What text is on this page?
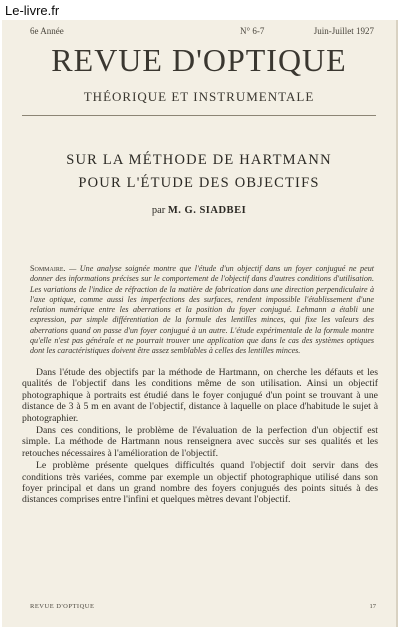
Le-livre.fr
6e Année	N° 6-7	Juin-Juillet 1927
REVUE D'OPTIQUE
THÉORIQUE ET INSTRUMENTALE
SUR LA MÉTHODE DE HARTMANN
POUR L'ÉTUDE DES OBJECTIFS
par M. G. SIADBEI
Sommaire. — Une analyse soignée montre que l'étude d'un objectif dans un foyer conjugué ne peut donner des informations précises sur le comportement de l'objectif dans d'autres conditions d'utilisation. Les variations de l'indice de réfraction de la matière de fabrication dans une direction perpendiculaire à l'axe optique, comme aussi les imperfections des surfaces, rendent impossible l'établissement d'une relation numérique entre les aberrations et la position du foyer conjugué. Lehmann a établi une expression, par simple différentiation de la formule des lentilles minces, qui fixe les valeurs des aberrations quand on passe d'un foyer conjugué à un autre. L'étude expérimentale de la formule montre qu'elle n'est pas générale et ne pourrait trouver une application que dans le cas des systèmes optiques dont les caractéristiques doivent être assez semblables à celles des lentilles minces.

Dans l'étude des objectifs par la méthode de Hartmann, on cherche les défauts et les qualités de l'objectif dans les conditions même de son utilisation. Ainsi un objectif photographique à portraits est étudié dans le foyer conjugué d'un point se trouvant à une distance de 3 à 5 m en avant de l'objectif, distance à laquelle on place d'habitude le sujet à photographier.

Dans ces conditions, le problème de l'évaluation de la perfection d'un objectif est simple. La méthode de Hartmann nous renseignera avec succès sur ses qualités et les retouches nécessaires à l'amélioration de l'objectif.

Le problème présente quelques difficultés quand l'objectif doit servir dans des conditions très variées, comme par exemple un objectif photographique utilisé dans son foyer principal et dans un grand nombre des foyers conjugués des points situés à des distances comprises entre l'infini et quelques mètres devant l'objectif.

REVUE D'OPTIQUE	17
